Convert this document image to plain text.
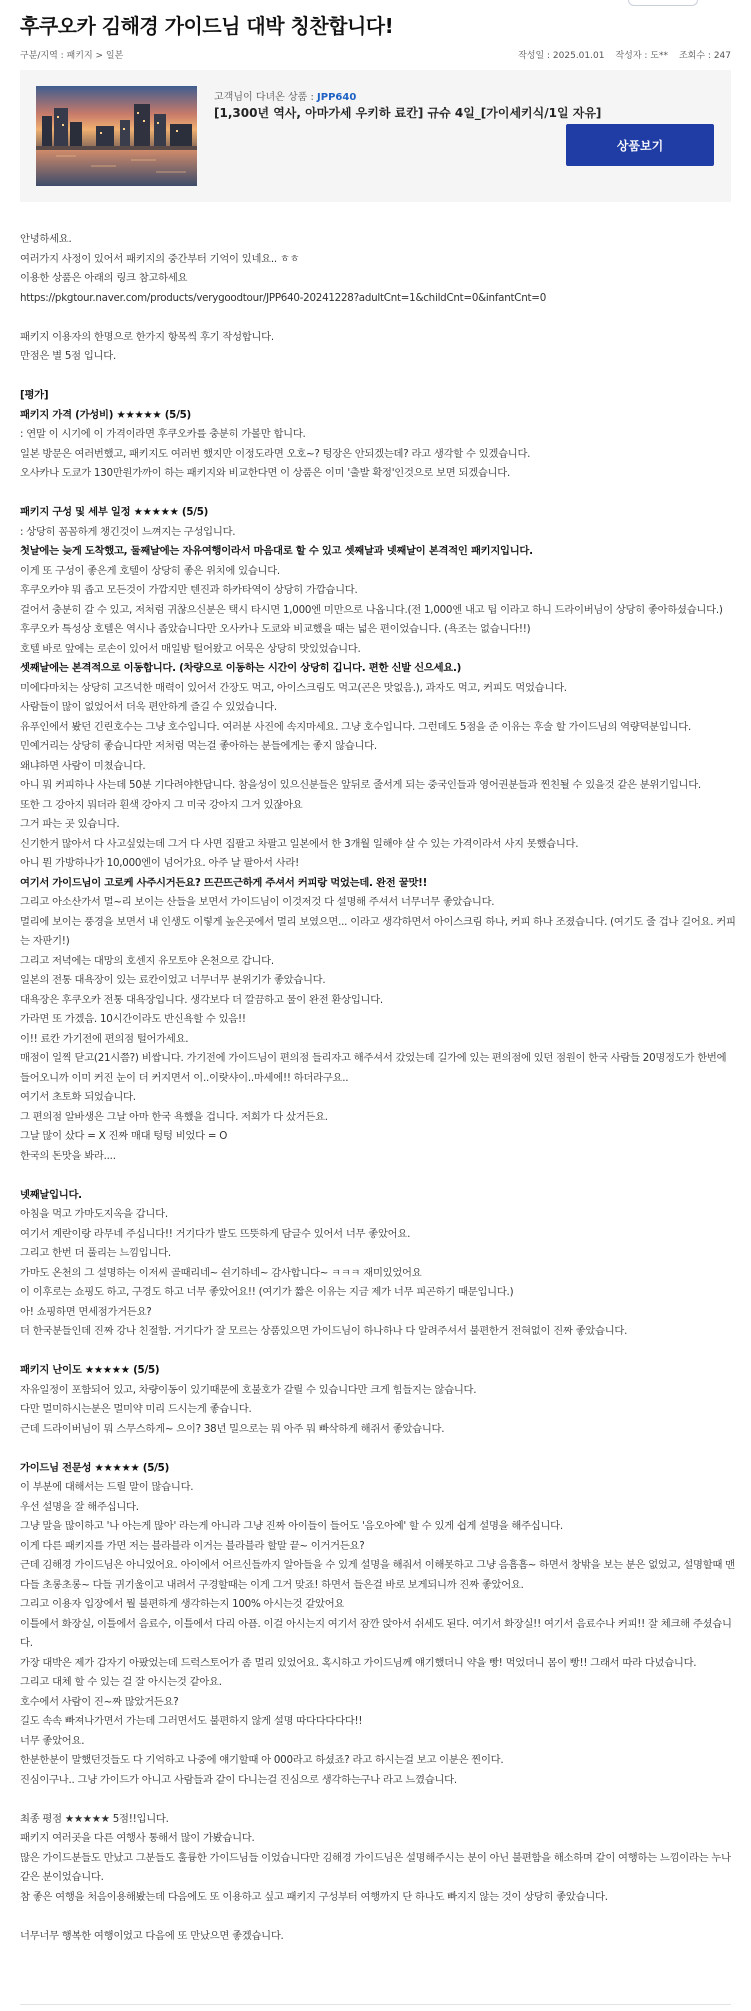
후쿠오카 김해경 가이드님 대박 칭찬합니다!
구분/지역 : 패키지 > 일본	작성일 : 2025.01.01 작성자 : 도** 조회수 : 247
고객님이 다녀온 상품 : JPP640
[1,300년 역사, 아마가세 우키하 료칸] 규슈 4일_[가이세키식/1일 자유]
상품보기
안녕하세요.
여러가지 사정이 있어서 패키지의 중간부터 기억이 있네요.. ㅎㅎ
이용한 상품은 아래의 링크 참고하세요
https://pkgtour.naver.com/products/verygoodtour/JPP640-20241228?adultCnt=1&childCnt=0&infantCnt=0
패키지 이용자의 한명으로 한가지 항목씩 후기 작성합니다.
만점은 별 5점 입니다.
[평가]
패키지 가격 (가성비) ★★★★★ (5/5)
: 연말 이 시기에 이 가격이라면 후쿠오카를 충분히 가볼만 합니다.
일본 방문은 여러번했고, 패키지도 여러번 했지만 이정도라면 오호~? 텅장은 안되겠는데? 라고 생각할 수 있겠습니다.
오사카나 도쿄가 130만원가까이 하는 패키지와 비교한다면 이 상품은 이미 '출발 확정'인것으로 보면 되겠습니다.
패키지 구성 및 세부 일정 ★★★★★ (5/5)
: 상당히 꼼꼼하게 챙긴것이 느껴지는 구성입니다.
첫날에는 늦게 도착했고, 둘째날에는 자유여행이라서 마음대로 할 수 있고 셋째날과 넷째날이 본격적인 패키지입니다.
이게 또 구성이 좋은게 호텔이 상당히 좋은 위치에 있습니다.
후쿠오카야 뭐 좁고 모든것이 가깝지만 텐진과 하카타역이 상당히 가깝습니다.
걸어서 충분히 갈 수 있고, 저처럼 귀찮으신분은 택시 타시면 1,000엔 미만으로 나옵니다.(전 1,000엔 내고 팁 이라고 하니 드라이버님이 상당히 좋아하셨습니다.)
후쿠오카 특성상 호텔은 역시나 좁았습니다만 오사카나 도쿄와 비교했을 때는 넓은 편이었습니다. (욕조는 없습니다!!)
호텔 바로 앞에는 로손이 있어서 매일밤 털어왔고 어묵은 상당히 맛있었습니다.
셋째날에는 본격적으로 이동합니다. (차량으로 이동하는 시간이 상당히 깁니다. 편한 신발 신으세요.)
미에다마치는 상당히 고즈넉한 매력이 있어서 간장도 먹고, 아이스크림도 먹고(곤은 맛없음.), 과자도 먹고, 커피도 먹었습니다.
사람들이 많이 없었어서 더욱 편안하게 즐길 수 있었습니다.
유푸인에서 봤던 긴린호수는 그냥 호수입니다. 여러분 사진에 속지마세요. 그냥 호수입니다. 그런데도 5점을 준 이유는 후술 할 가이드님의 역량덕분입니다.
민예거리는 상당히 좋습니다만 저처럼 먹는걸 좋아하는 분들에게는 좋지 않습니다.
왜냐하면 사람이 미쳤습니다.
아니 뭐 커피하나 사는데 50분 기다려야한답니다. 참을성이 있으신분들은 앞뒤로 줄서게 되는 중국인들과 영어권분들과 찐친될 수 있을것 같은 분위기입니다.
또한 그 강아지 뭐더라 흰색 강아지 그 미국 강아지 그거 있잖아요
그거 파는 곳 있습니다.
신기한거 많아서 다 사고싶었는데 그거 다 사면 집팔고 차팔고 일본에서 한 3개월 일해야 살 수 있는 가격이라서 사지 못했습니다.
아니 뭔 가방하나가 10,000엔이 넘어가요. 아주 날 팔아서 사라!
여기서 가이드님이 고로케 사주시거든요? 뜨끈뜨근하게 주셔서 커피랑 먹었는데. 완전 꿀맛!!
그리고 아소산가서 멀~리 보이는 산들을 보면서 가이드님이 이것저것 다 설명해 주셔서 너무너무 좋았습니다.
멀리에 보이는 풍경을 보면서 내 인생도 이렇게 높은곳에서 멀리 보였으면... 이라고 생각하면서 아이스크림 하나, 커피 하나 조졌습니다. (여기도 줄 겁나 길어요. 커피는 자판기!)
그리고 저녁에는 대망의 호센지 유모토야 온천으로 갑니다.
일본의 전통 대욕장이 있는 료칸이었고 너무너무 분위기가 좋았습니다.
대욕장은 후쿠오카 전통 대욕장입니다. 생각보다 더 깔끔하고 물이 완전 환상입니다.
가라면 또 가겠음. 10시간이라도 반신욕할 수 있음!!
이!! 료칸 가기전에 편의점 털어가세요.
매점이 일찍 닫고(21시쯤?) 비쌉니다. 가기전에 가이드님이 편의점 들리자고 해주셔서 갔었는데 길가에 있는 편의점에 있던 점원이 한국 사람들 20명정도가 한번에 들어오니까 이미 커진 눈이 더 커지면서 이..이랏샤이..마세에!! 하더라구요..
여기서 초토화 되었습니다.
그 편의점 알바생은 그날 아마 한국 욕했을 겁니다. 저희가 다 샀거든요.
그날 많이 샀다 = X 진짜 매대 텅텅 비었다 = O
한국의 돈맛을 봐라....
넷째날입니다.
아침을 먹고 가마도지옥을 갑니다.
여기서 계란이랑 라무네 주십니다!! 거기다가 발도 뜨뜻하게 담글수 있어서 너무 좋았어요.
그리고 한번 더 풀리는 느낌입니다.
가마도 온천의 그 설명하는 이저씨 골때리네~ 쉰기하네~ 감사합니다~ ㅋㅋㅋ 재미있었어요
이 이후로는 쇼핑도 하고, 구경도 하고 너무 좋았어요!! (여기가 짧은 이유는 지금 제가 너무 피곤하기 때문입니다.)
아! 쇼핑하면 면세점가거든요?
더 한국분들인데 진짜 강나 친절함. 거기다가 잘 모르는 상품있으면 가이드님이 하나하나 다 알려주셔서 불편한거 전혀없이 진짜 좋았습니다.
패키지 난이도 ★★★★★ (5/5)
자유일정이 포함되어 있고, 차량이동이 있기때문에 호불호가 갈릴 수 있습니다만 크게 힘들지는 않습니다.
다만 멀미하시는분은 멀미약 미리 드시는게 좋습니다.
근데 드라이버님이 뭐 스무스하게~ 으이? 38년 밀으로는 뭐 아주 뭐 빠삭하게 해쥐서 좋았습니다.
가이드님 전문성 ★★★★★ (5/5)
이 부분에 대해서는 드릴 말이 많습니다.
우선 설명을 잘 해주십니다.
그냥 말을 많이하고 '나 아는게 많아' 라는게 아니라 그냥 진짜 아이들이 들어도 '음오아예' 할 수 있게 쉽게 설명을 해주십니다.
이게 다른 패키지를 가면 저는 블라블라 이거는 블라블라 할말 끝~ 이거거든요?
근데 김해경 가이드님은 아니었어요. 아이에서 어르신들까지 알아들을 수 있게 설명을 해줘서 이해못하고 그냥 음흠흠~ 하면서 창밖을 보는 분은 없었고, 설명할때 맨 다들 초롱초롱~ 다들 귀기울이고 내려서 구경할때는 이게 그거 맞죠! 하면서 들은걸 바로 보게되니까 진짜 좋았어요.
그리고 이용자 입장에서 뭘 불편하게 생각하는지 100% 아시는것 같았어요
이틀에서 화장실, 이틀에서 음료수, 이틀에서 다리 아픔. 이걸 아시는지 여기서 잠깐 앉아서 쉬세도 된다. 여기서 화장실!! 여기서 음료수나 커피!! 잘 체크해 주셨습니다.
가장 대박은 제가 갑자기 아팠었는데 드럭스토어가 좀 멀리 있었어요. 혹시하고 가이드님께 얘기했더니 약을 빵! 먹었더니 몸이 빵!! 그래서 따라 다녔습니다.
그리고 대체 할 수 있는 걸 잘 아시는것 같아요.
호수에서 사람이 진~짜 많았거든요?
길도 속속 빠져나가면서 가는데 그러면서도 불편하지 않게 설명 따다다다다다!!
너무 좋았어요.
한분한분이 말했던것들도 다 기억하고 나중에 얘기할때 아 000라고 하셨죠? 라고 하시는걸 보고 이분은 찐이다.
진심이구나.. 그냥 가이드가 아니고 사람들과 같이 다니는걸 진심으로 생각하는구나 라고 느꼈습니다.
최종 평점 ★★★★★ 5점!!입니다.
패키지 여러곳을 다른 여행사 통해서 많이 가봤습니다.
많은 가이드분들도 만났고 그분들도 훌륭한 가이드님들 이었습니다만 김해경 가이드님은 설명해주시는 분이 아닌 불편함을 해소하며 같이 여행하는 느낌이라는 누나 같은 분이었습니다.
참 좋은 여행을 처음이용해봤는데 다음에도 또 이용하고 싶고 패키지 구성부터 여행까지 단 하나도 빠지지 않는 것이 상당히 좋았습니다.
너무너무 행복한 여행이었고 다음에 또 만났으면 좋겠습니다.
